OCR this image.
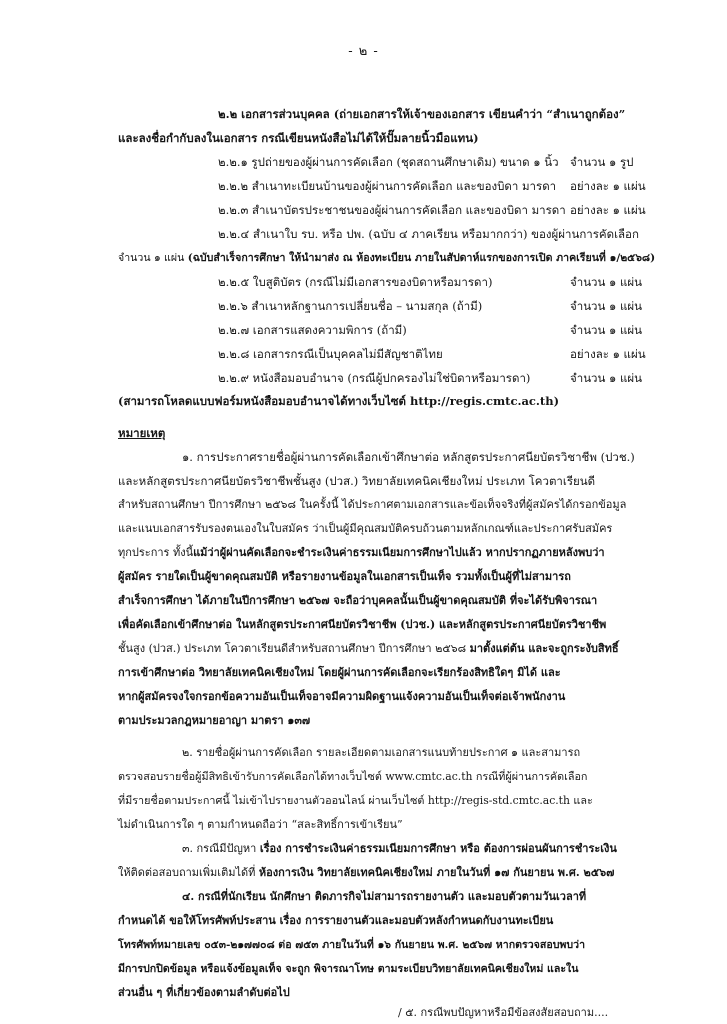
- ๒ -
๒.๒ เอกสารส่วนบุคคล (ถ่ายเอกสารให้เจ้าของเอกสาร เขียนคำว่า “สำเนาถูกต้อง”
และลงชื่อกำกับลงในเอกสาร กรณีเขียนหนังสือไม่ได้ให้ปั๊มลายนิ้วมือแทน)
๒.๒.๑ รูปถ่ายของผู้ผ่านการคัดเลือก (ชุดสถานศึกษาเดิม) ขนาด ๑ นิ้ว จำนวน ๑ รูป
๒.๒.๒ สำเนาทะเบียนบ้านของผู้ผ่านการคัดเลือก และของบิดา มารดา อย่างละ ๑ แผ่น
๒.๒.๓ สำเนาบัตรประชาชนของผู้ผ่านการคัดเลือก และของบิดา มารดา อย่างละ ๑ แผ่น
๒.๒.๔ สำเนาใบ รบ. หรือ ปพ. (ฉบับ ๔ ภาคเรียน หรือมากกว่า) ของผู้ผ่านการคัดเลือก
จำนวน ๑ แผ่น (ฉบับสำเร็จการศึกษา ให้นำมาส่ง ณ ห้องทะเบียน ภายในสัปดาห์แรกของการเปิด ภาคเรียนที่ ๑/๒๕๖๘)
๒.๒.๕ ใบสูติบัตร (กรณีไม่มีเอกสารของบิดาหรือมารดา)	จำนวน ๑ แผ่น
๒.๒.๖ สำเนาหลักฐานการเปลี่ยนชื่อ – นามสกุล (ถ้ามี)	จำนวน ๑ แผ่น
๒.๒.๗ เอกสารแสดงความพิการ (ถ้ามี)	จำนวน ๑ แผ่น
๒.๒.๘ เอกสารกรณีเป็นบุคคลไม่มีสัญชาติไทย	อย่างละ ๑ แผ่น
๒.๒.๙ หนังสือมอบอำนาจ (กรณีผู้ปกครองไม่ใช่บิดาหรือมารดา)	จำนวน ๑ แผ่น
(สามารถโหลดแบบฟอร์มหนังสือมอบอำนาจได้ทางเว็บไซต์ http://regis.cmtc.ac.th)
หมายเหตุ
๑. การประกาศรายชื่อผู้ผ่านการคัดเลือกเข้าศึกษาต่อ หลักสูตรประกาศนียบัตรวิชาชีพ (ปวช.)
และหลักสูตรประกาศนียบัตรวิชาชีพชั้นสูง (ปวส.) วิทยาลัยเทคนิคเชียงใหม่ ประเภท โควตาเรียนดี
สำหรับสถานศึกษา ปีการศึกษา ๒๕๖๘ ในครั้งนี้ ได้ประกาศตามเอกสารและข้อเท็จจริงที่ผู้สมัครได้กรอกข้อมูล
และแนบเอกสารรับรองตนเองในใบสมัคร ว่าเป็นผู้มีคุณสมบัติครบถ้วนตามหลักเกณฑ์และประกาศรับสมัคร
ทุกประการ ทั้งนี้แม้ว่าผู้ผ่านคัดเลือกจะชำระเงินค่าธรรมเนียมการศึกษาไปแล้ว หากปรากฏภายหลังพบว่า
ผู้สมัคร รายใดเป็นผู้ขาดคุณสมบัติ หรือรายงานข้อมูลในเอกสารเป็นเท็จ รวมทั้งเป็นผู้ที่ไม่สามารถ
สำเร็จการศึกษา ได้ภายในปีการศึกษา ๒๕๖๗ จะถือว่าบุคคลนั้นเป็นผู้ขาดคุณสมบัติ ที่จะได้รับพิจารณา
เพื่อคัดเลือกเข้าศึกษาต่อ ในหลักสูตรประกาศนียบัตรวิชาชีพ (ปวช.) และหลักสูตรประกาศนียบัตรวิชาชีพ
ชั้นสูง (ปวส.) ประเภท โควตาเรียนดีสำหรับสถานศึกษา ปีการศึกษา ๒๕๖๘ มาตั้งแต่ต้น และจะถูกระงับสิทธิ์
การเข้าศึกษาต่อ วิทยาลัยเทคนิคเชียงใหม่ โดยผู้ผ่านการคัดเลือกจะเรียกร้องสิทธิใดๆ มิได้ และ
หากผู้สมัครจงใจกรอกข้อความอันเป็นเท็จอาจมีความผิดฐานแจ้งความอันเป็นเท็จต่อเจ้าพนักงาน
ตามประมวลกฎหมายอาญา มาตรา ๑๓๗
๒. รายชื่อผู้ผ่านการคัดเลือก รายละเอียดตามเอกสารแนบท้ายประกาศ ๑ และสามารถ
ตรวจสอบรายชื่อผู้มีสิทธิเข้ารับการคัดเลือกได้ทางเว็บไซต์ www.cmtc.ac.th กรณีที่ผู้ผ่านการคัดเลือก
ที่มีรายชื่อตามประกาศนี้ ไม่เข้าไปรายงานตัวออนไลน์ ผ่านเว็บไซต์ http://regis-std.cmtc.ac.th และ
ไม่ดำเนินการใด ๆ ตามกำหนดถือว่า “สละสิทธิ์การเข้าเรียน”
๓. กรณีมีปัญหา เรื่อง การชำระเงินค่าธรรมเนียมการศึกษา หรือ ต้องการผ่อนผันการชำระเงิน
ให้ติดต่อสอบถามเพิ่มเติมได้ที่ ห้องการเงิน วิทยาลัยเทคนิคเชียงใหม่ ภายในวันที่ ๑๗ กันยายน พ.ศ. ๒๕๖๗
๔. กรณีที่นักเรียน นักศึกษา ติดภารกิจไม่สามารถรายงานตัว และมอบตัวตามวันเวลาที่
กำหนดได้ ขอให้โทรศัพท์ประสาน เรื่อง การรายงานตัวและมอบตัวหลังกำหนดกับงานทะเบียน
โทรศัพท์หมายเลข ๐๕๓-๒๑๗๗๐๘ ต่อ ๗๕๓ ภายในวันที่ ๑๖ กันยายน พ.ศ. ๒๕๖๗ หากตรวจสอบพบว่า
มีการปกปิดข้อมูล หรือแจ้งข้อมูลเท็จ จะถูก พิจารณาโทษ ตามระเบียบวิทยาลัยเทคนิคเชียงใหม่ และใน
ส่วนอื่น ๆ ที่เกี่ยวข้องตามลำดับต่อไป
/ ๕. กรณีพบปัญหาหรือมีข้อสงสัยสอบถาม....
